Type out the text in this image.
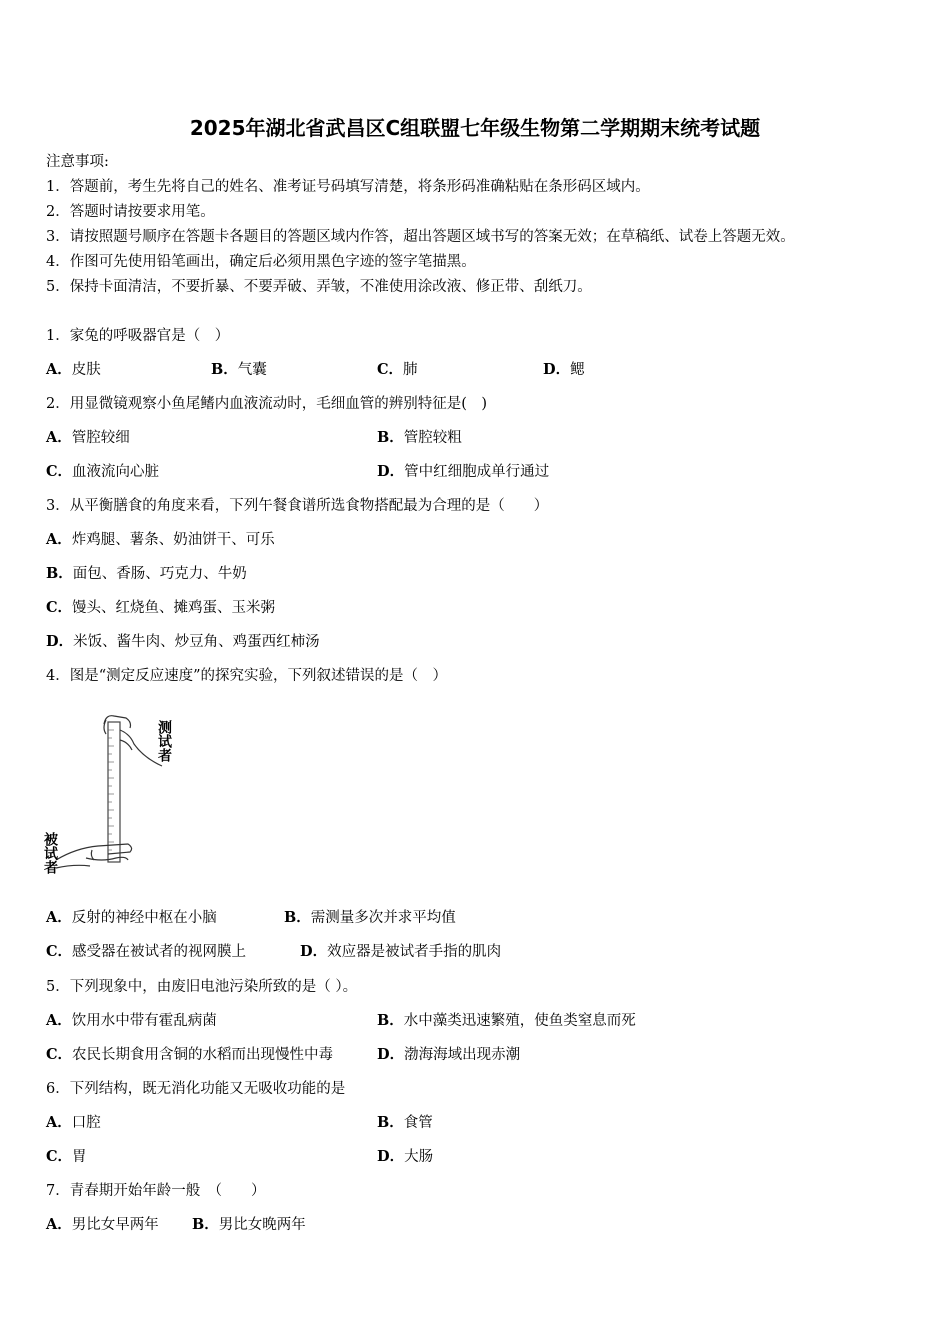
2025年湖北省武昌区C组联盟七年级生物第二学期期末统考试题
注意事项:
1．答题前，考生先将自己的姓名、准考证号码填写清楚，将条形码准确粘贴在条形码区域内。
2．答题时请按要求用笔。
3．请按照题号顺序在答题卡各题目的答题区域内作答，超出答题区域书写的答案无效；在草稿纸、试卷上答题无效。
4．作图可先使用铅笔画出，确定后必须用黑色字迹的签字笔描黑。
5．保持卡面清洁，不要折暴、不要弄破、弄皱，不准使用涂改液、修正带、刮纸刀。
1．家兔的呼吸器官是（　）
A．皮肤	B．气囊	C．肺	D．鳃
2．用显微镜观察小鱼尾鳍内血液流动时，毛细血管的辨别特征是(　)
A．管腔较细	B．管腔较粗
C．血液流向心脏	D．管中红细胞成单行通过
3．从平衡膳食的角度来看，下列午餐食谱所选食物搭配最为合理的是（　　）
A．炸鸡腿、薯条、奶油饼干、可乐
B．面包、香肠、巧克力、牛奶
C．馒头、红烧鱼、摊鸡蛋、玉米粥
D．米饭、酱牛肉、炒豆角、鸡蛋西红柿汤
4．图是“测定反应速度”的探究实验，下列叙述错误的是（　）
测试者
被试者
A．反射的神经中枢在小脑	B．需测量多次并求平均值
C．感受器在被试者的视网膜上	D．效应器是被试者手指的肌肉
5．下列现象中，由废旧电池污染所致的是（ ）。
A．饮用水中带有霍乱病菌	B．水中藻类迅速繁殖，使鱼类窒息而死
C．农民长期食用含铜的水稻而出现慢性中毒	D．渤海海域出现赤潮
6．下列结构，既无消化功能又无吸收功能的是
A．口腔	B．食管
C．胃	D．大肠
7．青春期开始年龄一般　（　　）
A．男比女早两年 B．男比女晚两年
